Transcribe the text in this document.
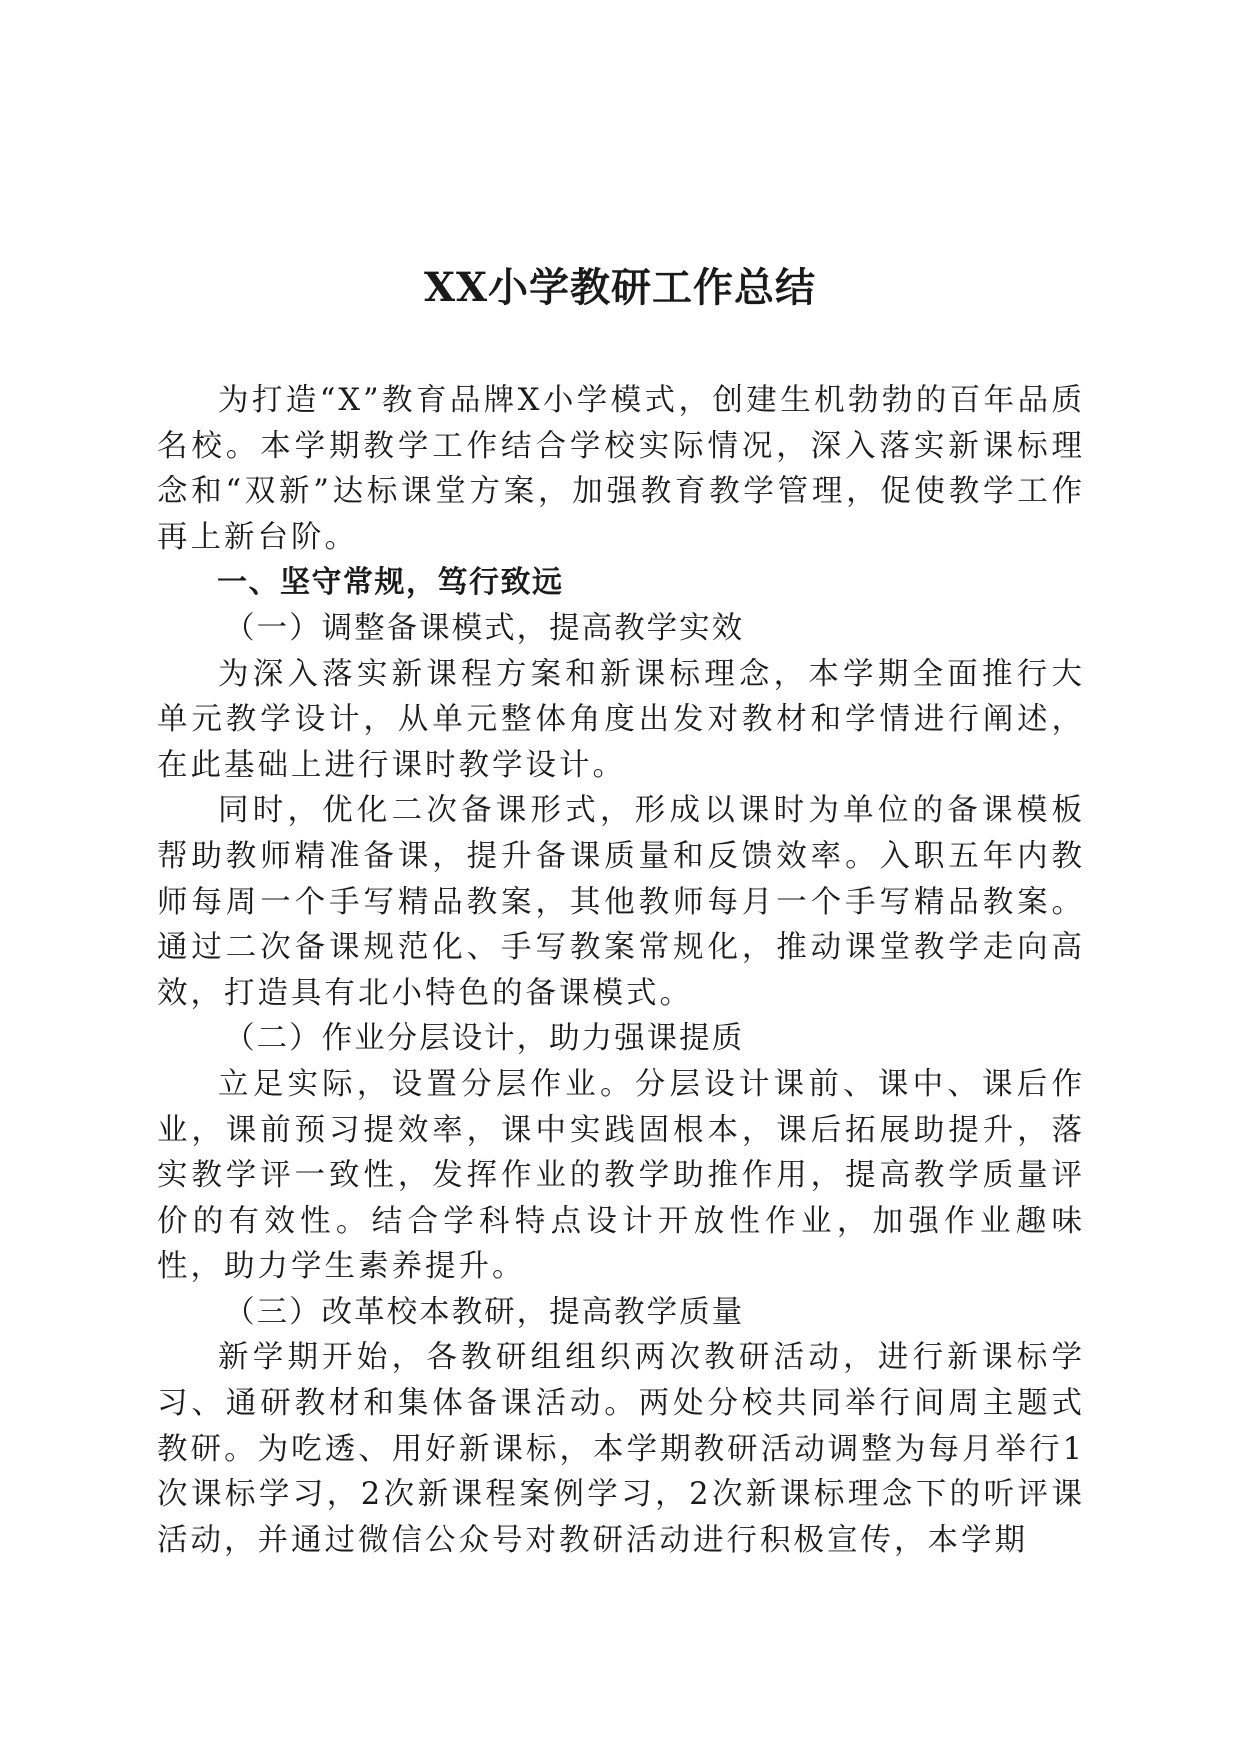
XX小学教研工作总结

为打造“X”教育品牌X小学模式，创建生机勃勃的百年品质名校。本学期教学工作结合学校实际情况，深入落实新课标理念和“双新”达标课堂方案，加强教育教学管理，促使教学工作再上新台阶。

一、坚守常规，笃行致远

（一）调整备课模式，提高教学实效

为深入落实新课程方案和新课标理念，本学期全面推行大单元教学设计，从单元整体角度出发对教材和学情进行阐述，在此基础上进行课时教学设计。

同时，优化二次备课形式，形成以课时为单位的备课模板帮助教师精准备课，提升备课质量和反馈效率。入职五年内教师每周一个手写精品教案，其他教师每月一个手写精品教案。通过二次备课规范化、手写教案常规化，推动课堂教学走向高效，打造具有北小特色的备课模式。

（二）作业分层设计，助力强课提质

立足实际，设置分层作业。分层设计课前、课中、课后作业，课前预习提效率，课中实践固根本，课后拓展助提升，落实教学评一致性，发挥作业的教学助推作用，提高教学质量评价的有效性。结合学科特点设计开放性作业，加强作业趣味性，助力学生素养提升。

（三）改革校本教研，提高教学质量

新学期开始，各教研组组织两次教研活动，进行新课标学习、通研教材和集体备课活动。两处分校共同举行间周主题式教研。为吃透、用好新课标，本学期教研活动调整为每月举行1次课标学习，2次新课程案例学习，2次新课标理念下的听评课活动，并通过微信公众号对教研活动进行积极宣传，本学期
